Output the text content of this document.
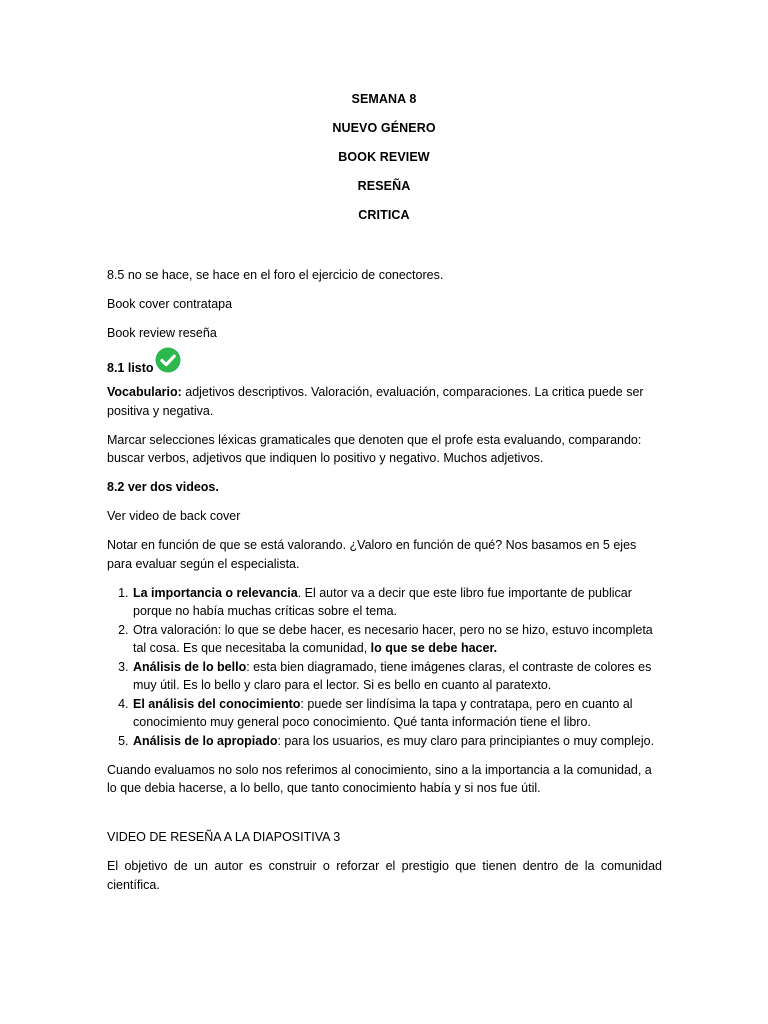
SEMANA 8

NUEVO GÉNERO

BOOK REVIEW

RESEÑA

CRITICA

8.5 no se hace, se hace en el foro el ejercicio de conectores.

Book cover contratapa

Book review reseña

8.1 listo

Vocabulario: adjetivos descriptivos. Valoración, evaluación, comparaciones. La critica puede ser positiva y negativa.

Marcar selecciones léxicas gramaticales que denoten que el profe esta evaluando, comparando: buscar verbos, adjetivos que indiquen lo positivo y negativo. Muchos adjetivos.

8.2 ver dos videos.

Ver video de back cover

Notar en función de que se está valorando. ¿Valoro en función de qué? Nos basamos en 5 ejes para evaluar según el especialista.

1. La importancia o relevancia. El autor va a decir que este libro fue importante de publicar porque no había muchas críticas sobre el tema.
2. Otra valoración: lo que se debe hacer, es necesario hacer, pero no se hizo, estuvo incompleta tal cosa. Es que necesitaba la comunidad, lo que se debe hacer.
3. Análisis de lo bello: esta bien diagramado, tiene imágenes claras, el contraste de colores es muy útil. Es lo bello y claro para el lector. Si es bello en cuanto al paratexto.
4. El análisis del conocimiento: puede ser lindísima la tapa y contratapa, pero en cuanto al conocimiento muy general poco conocimiento. Qué tanta información tiene el libro.
5. Análisis de lo apropiado: para los usuarios, es muy claro para principiantes o muy complejo.

Cuando evaluamos no solo nos referimos al conocimiento, sino a la importancia a la comunidad, a lo que debia hacerse, a lo bello, que tanto conocimiento había y si nos fue útil.

VIDEO DE RESEÑA A LA DIAPOSITIVA 3

El objetivo de un autor es construir o reforzar el prestigio que tienen dentro de la comunidad científica.
